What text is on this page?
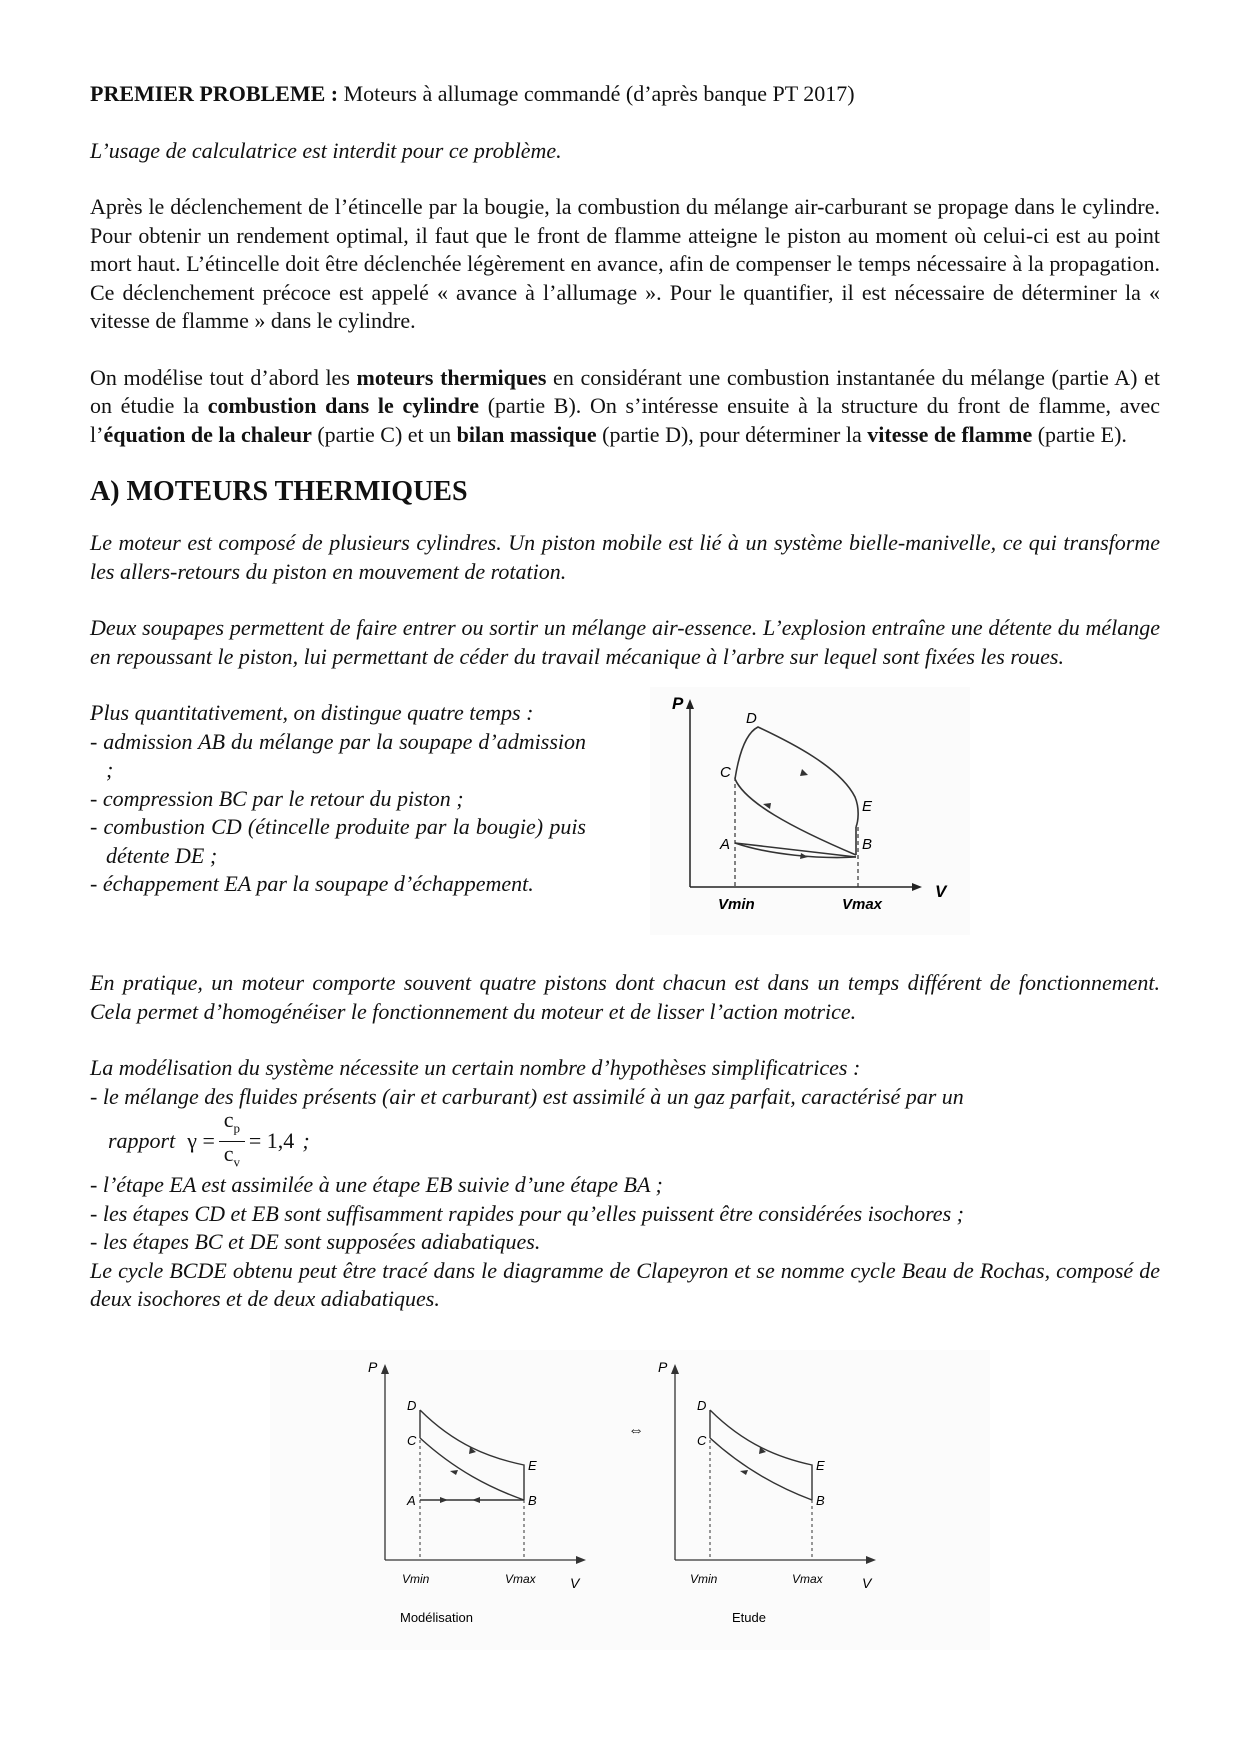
PREMIER PROBLEME : Moteurs à allumage commandé (d’après banque PT 2017)

L’usage de calculatrice est interdit pour ce problème.

Après le déclenchement de l’étincelle par la bougie, la combustion du mélange air-carburant se propage dans le cylindre. Pour obtenir un rendement optimal, il faut que le front de flamme atteigne le piston au moment où celui-ci est au point mort haut. L’étincelle doit être déclenchée légèrement en avance, afin de compenser le temps nécessaire à la propagation. Ce déclenchement précoce est appelé « avance à l’allumage ». Pour le quantifier, il est nécessaire de déterminer la « vitesse de flamme » dans le cylindre.

On modélise tout d’abord les moteurs thermiques en considérant une combustion instantanée du mélange (partie A) et on étudie la combustion dans le cylindre (partie B). On s’intéresse ensuite à la structure du front de flamme, avec l’équation de la chaleur (partie C) et un bilan massique (partie D), pour déterminer la vitesse de flamme (partie E).

A) MOTEURS THERMIQUES

Le moteur est composé de plusieurs cylindres. Un piston mobile est lié à un système bielle-manivelle, ce qui transforme les allers-retours du piston en mouvement de rotation.

Deux soupapes permettent de faire entrer ou sortir un mélange air-essence. L’explosion entraîne une détente du mélange en repoussant le piston, lui permettant de céder du travail mécanique à l’arbre sur lequel sont fixées les roues.

Plus quantitativement, on distingue quatre temps :

- admission AB du mélange par la soupape d’admission ;
- compression BC par le retour du piston ;
- combustion CD (étincelle produite par la bougie) puis détente DE ;
- échappement EA par la soupape d’échappement.
P
V
D
C
E
A	B
Vmin	Vmax

En pratique, un moteur comporte souvent quatre pistons dont chacun est dans un temps différent de fonctionnement. Cela permet d’homogénéiser le fonctionnement du moteur et de lisser l’action motrice.

La modélisation du système nécessite un certain nombre d’hypothèses simplificatrices :

- le mélange des fluides présents (air et carburant) est assimilé à un gaz parfait, caractérisé par un

rapport $\gamma = \frac{c_p}{c_v} = 1,4$ ;

- l’étape EA est assimilée à une étape EB suivie d’une étape BA ;

- les étapes CD et EB sont suffisamment rapides pour qu’elles puissent être considérées isochores ;

- les étapes BC et DE sont supposées adiabatiques.

Le cycle BCDE obtenu peut être tracé dans le diagramme de Clapeyron et se nomme cycle Beau de Rochas, composé de deux isochores et de deux adiabatiques.

P
V
D
C
E
A	B
Vmin	Vmax
Modélisation
⇔
P
V
D
C
E
B
Vmin	Vmax
Etude
